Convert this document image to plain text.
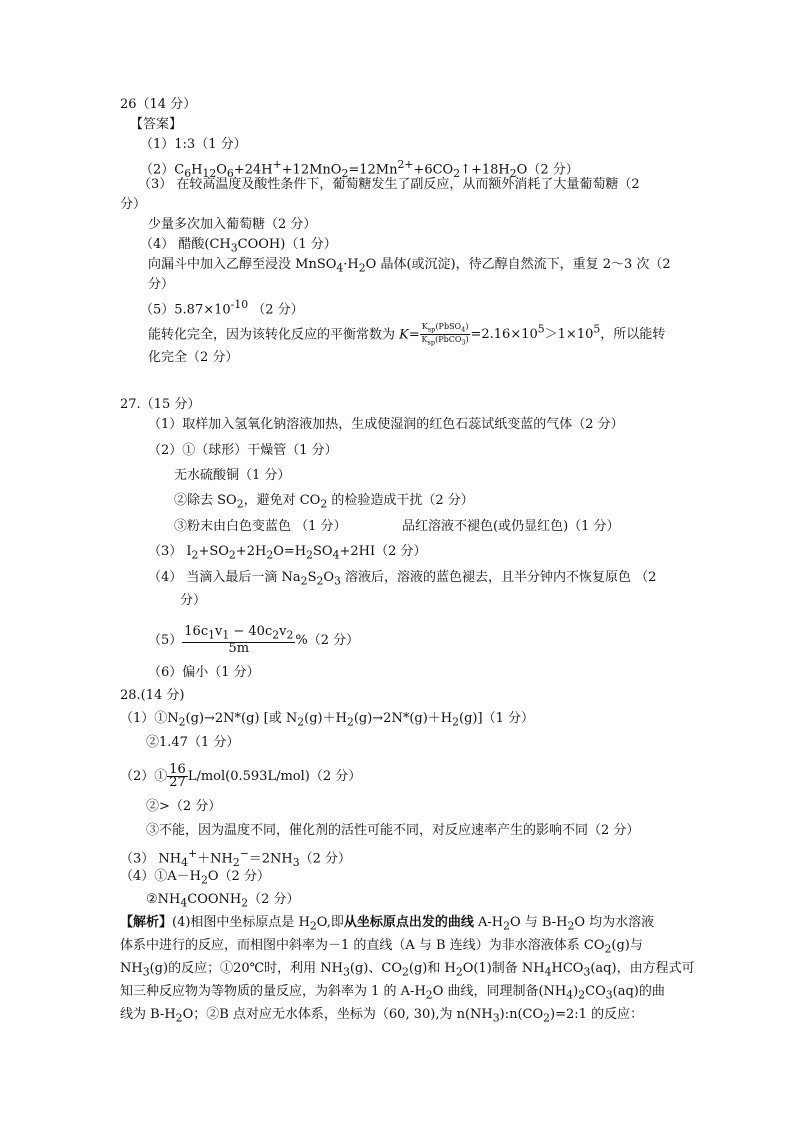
26（14 分）
【答案】
（1）1:3（1 分）
$(2)C_6H_{12}O_6+24H^++12MnO_2=12Mn^{2+}+6CO_2↑+18H_2O(2$ 分）
（3） 在较高温度及酸性条件下，葡萄糖发生了副反应，从而额外消耗了大量葡萄糖（2
分）
少量多次加入葡萄糖（2 分）
（4） 醋酸$(CH_3COOH)(1$ 分）
向漏斗中加入乙醇至浸没 $MnSO_4\cdot H_2O$ 晶体(或沉淀)，待乙醇自然流下，重复 2～3 次（2
分）
$(5)5.87\times 10^{-10}$ （2 分）
能转化完全，因为该转化反应的平衡常数为 $K= \frac{K_{sp}(PbSO_4)}{K_{sp}(PbCO_3)} =2.16\times 10^5>1\times 10^5$，所以能转
化完全（2 分）
27.（15 分）
（1）取样加入氢氧化钠溶液加热，生成使湿润的红色石蕊试纸变蓝的气体（2 分）
（2）①（球形）干燥管（1 分）
无水硫酸铜（1 分）
②除去 $SO_2$，避免对 $CO_2$ 的检验造成干扰（2 分）
③粉末由白色变蓝色 （1 分）	品红溶液不褪色(或仍显红色)（1 分）
（3） $I_2+SO_2+2H_2O=H_2SO_4+2HI(2$ 分）
（4） 当滴入最后一滴 $Na_2S_2O_3$ 溶液后，溶液的蓝色褪去，且半分钟内不恢复原色 （2
分）
$(5) \frac{16c_1v_1 - 40c_2v_2}{5m} \%(2$ 分）
（6）偏小（1 分）
28.(14 分)
$(1)①N_2(g)\to 2N*(g)$ [或 $N_2(g)+H_2(g)\to 2N*(g)+H_2(g)](1$ 分）
②1.47（1 分）
（2）① $\frac{16}{27} L/mol(0.593L/mol)(2$ 分）
②>（2 分）
③不能，因为温度不同，催化剂的活性可能不同，对反应速率产生的影响不同（2 分）
（3） $NH_4^++NH_2^-=2NH_3(2$ 分）
$(4)①A-H_2O(2$ 分）
$②NH_4COONH_2(2$ 分）
【解析】(4)相图中坐标原点是 $H_2O$,即从坐标原点出发的曲线 $A-H_2O$ 与 $B-H_2O$ 均为水溶液
体系中进行的反应，而相图中斜率为－1 的直线（A 与 B 连线）为非水溶液体系 $CO_2(g)$与
$NH_3(g)$的反应；①20℃时，利用 $NH_3(g)$、$CO_2(g)$和 $H_2O(1)$制备 $NH_4HCO_3(aq)$，由方程式可
知三种反应物为等物质的量反应，为斜率为 1 的 $A-H_2O$ 曲线，同理制备$(NH_4)_2CO_3(aq)$的曲
线为 $B-H_2O$；②B 点对应无水体系，坐标为（60, 30),为 $n(NH_3):n(CO_2)=2:1$ 的反应：
